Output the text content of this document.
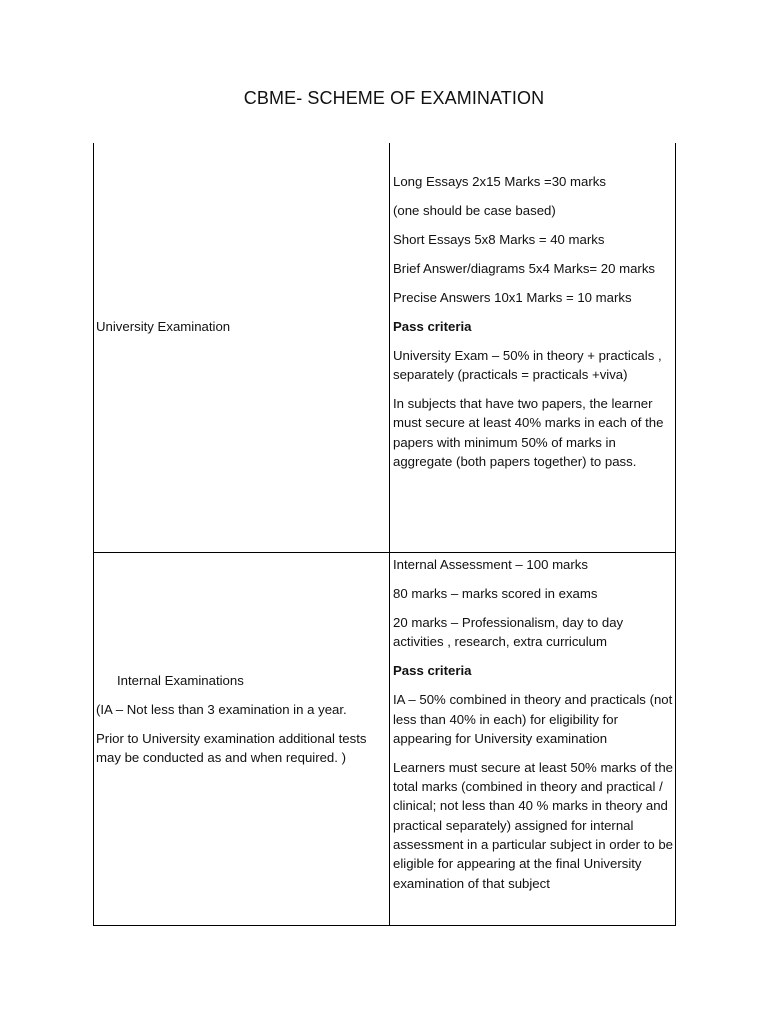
CBME- SCHEME OF EXAMINATION
University Examination

Long Essays 2x15 Marks =30 marks

(one should be case based)

Short Essays 5x8 Marks = 40 marks

Brief Answer/diagrams 5x4 Marks= 20 marks

Precise Answers 10x1 Marks = 10 marks

Pass criteria

University Exam – 50% in theory + practicals , separately (practicals = practicals +viva)

In subjects that have two papers, the learner must secure at least 40% marks in each of the papers with minimum 50% of marks in aggregate (both papers together) to pass.

Internal Examinations

(IA – Not less than 3 examination in a year.

Prior to University examination additional tests may be conducted as and when required. )

Internal Assessment – 100 marks

80 marks – marks scored in exams

20 marks – Professionalism, day to day activities , research, extra curriculum

Pass criteria

IA – 50% combined in theory and practicals (not less than 40% in each) for eligibility for appearing for University examination

Learners must secure at least 50% marks of the total marks (combined in theory and practical / clinical; not less than 40 % marks in theory and practical separately) assigned for internal assessment in a particular subject in order to be eligible for appearing at the final University examination of that subject
